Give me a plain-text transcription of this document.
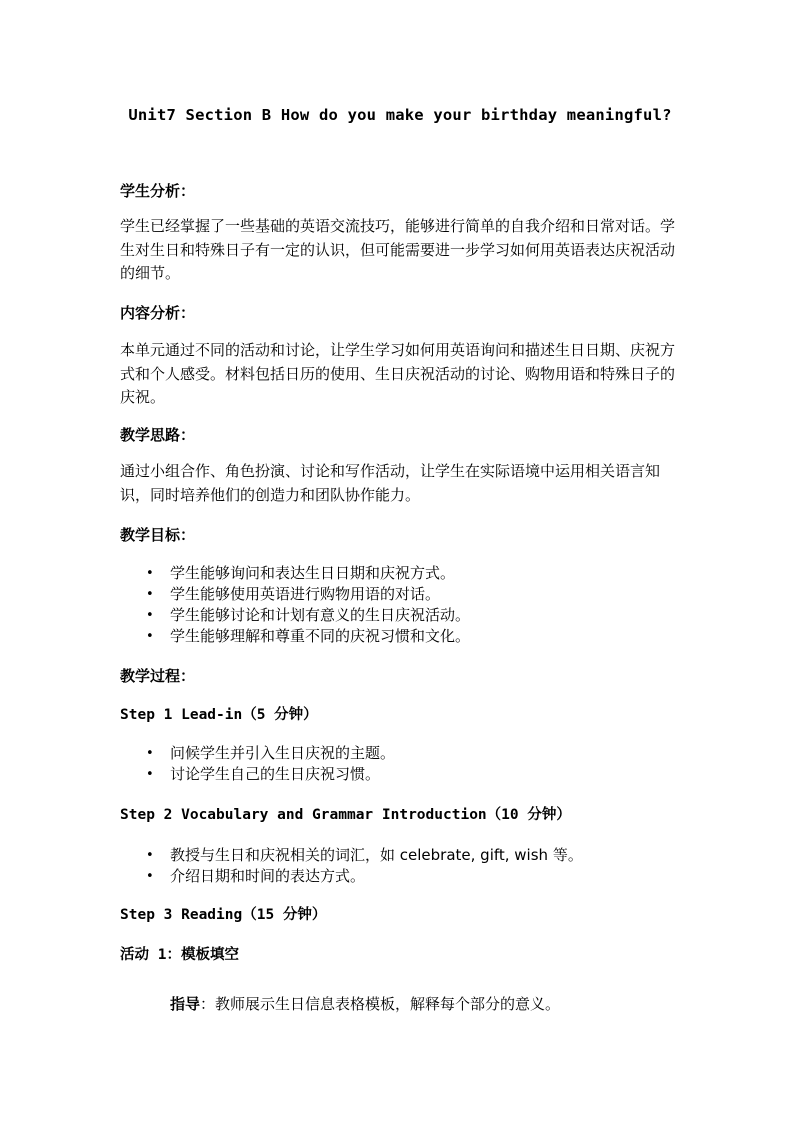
Unit7 Section B How do you make your birthday meaningful?
学生分析：
学生已经掌握了一些基础的英语交流技巧，能够进行简单的自我介绍和日常对话。学生对生日和特殊日子有一定的认识，但可能需要进一步学习如何用英语表达庆祝活动的细节。
内容分析：
本单元通过不同的活动和讨论，让学生学习如何用英语询问和描述生日日期、庆祝方式和个人感受。材料包括日历的使用、生日庆祝活动的讨论、购物用语和特殊日子的庆祝。
教学思路：
通过小组合作、角色扮演、讨论和写作活动，让学生在实际语境中运用相关语言知识，同时培养他们的创造力和团队协作能力。
教学目标：
• 学生能够询问和表达生日日期和庆祝方式。
• 学生能够使用英语进行购物用语的对话。
• 学生能够讨论和计划有意义的生日庆祝活动。
• 学生能够理解和尊重不同的庆祝习惯和文化。
教学过程：
Step 1 Lead-in（5 分钟）
• 问候学生并引入生日庆祝的主题。
• 讨论学生自己的生日庆祝习惯。
Step 2 Vocabulary and Grammar Introduction（10 分钟）
• 教授与生日和庆祝相关的词汇，如 celebrate, gift, wish 等。
• 介绍日期和时间的表达方式。
Step 3 Reading（15 分钟）
活动 1：模板填空
指导：教师展示生日信息表格模板，解释每个部分的意义。
